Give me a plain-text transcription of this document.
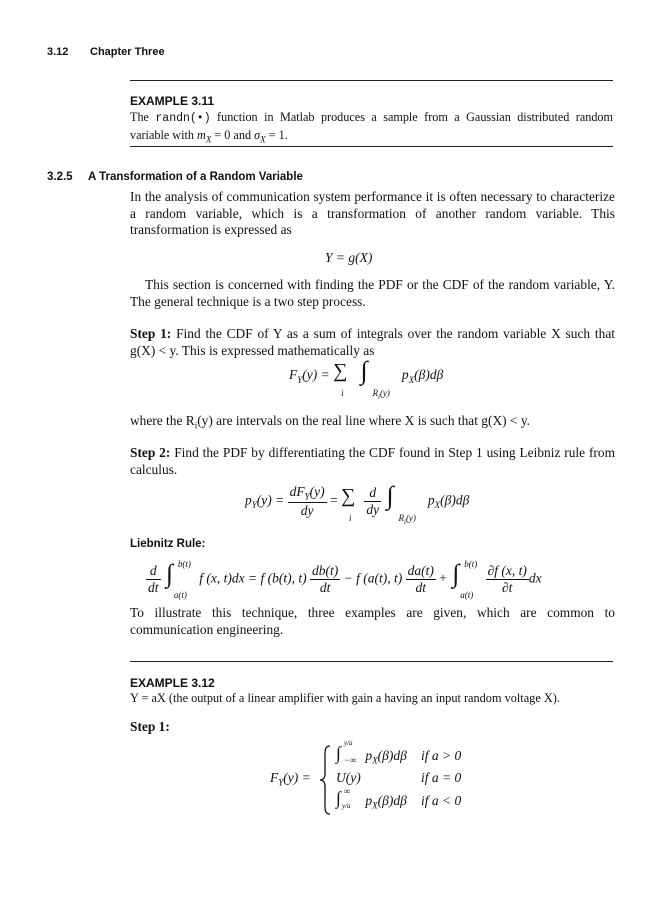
3.12 Chapter Three
EXAMPLE 3.11
The randn(•) function in Matlab produces a sample from a Gaussian distributed random variable with $m_X = 0$ and $\sigma_X = 1$.
3.2.5 A Transformation of a Random Variable
In the analysis of communication system performance it is often necessary to characterize a random variable, which is a transformation of another random variable. This transformation is expressed as
Y = g(X)
This section is concerned with finding the PDF or the CDF of the random variable, Y. The general technique is a two step process.
Step 1: Find the CDF of Y as a sum of integrals over the random variable X such that g(X) < y. This is expressed mathematically as
$F_Y(y)$ = ∑
i

∫
$R_i(y)$
$p_X(\beta)d\beta$
where the $R_i(y)$ are intervals on the real line where X is such that g(X) < y.
Step 2: Find the PDF by differentiating the CDF found in Step 1 using Leibniz rule from calculus.
$p_Y(y) = \frac{dF_Y(y)}{dy}$ = ∑
i

$\frac{d}{dy}$
∫
$R_i(y)$
$p_X(\beta)d\beta$
Liebnitz Rule:
$\frac{d}{dt}$
∫ b(t)
a(t)
f (x, t)dx = f (b(t), $t) \frac{db(t)}{dt} - f$ (a(t), $t) \frac{da(t)}{dt}$ + ∫ b(t)
a(t)
$\frac{\partial f (x, t)}{\partial t}$ dx
To illustrate this technique, three examples are given, which are common to communication engineering.
EXAMPLE 3.12
Y = aX (the output of a linear amplifier with gain a having an input random voltage X).
Step 1:
$F_Y(y)$ =
∫ y/a
−∞ $p_X(\beta)d\beta$ if a > 0
U(y)	if a = 0
∫ ∞
y/a $p_X(\beta)d\beta$ if a < 0
